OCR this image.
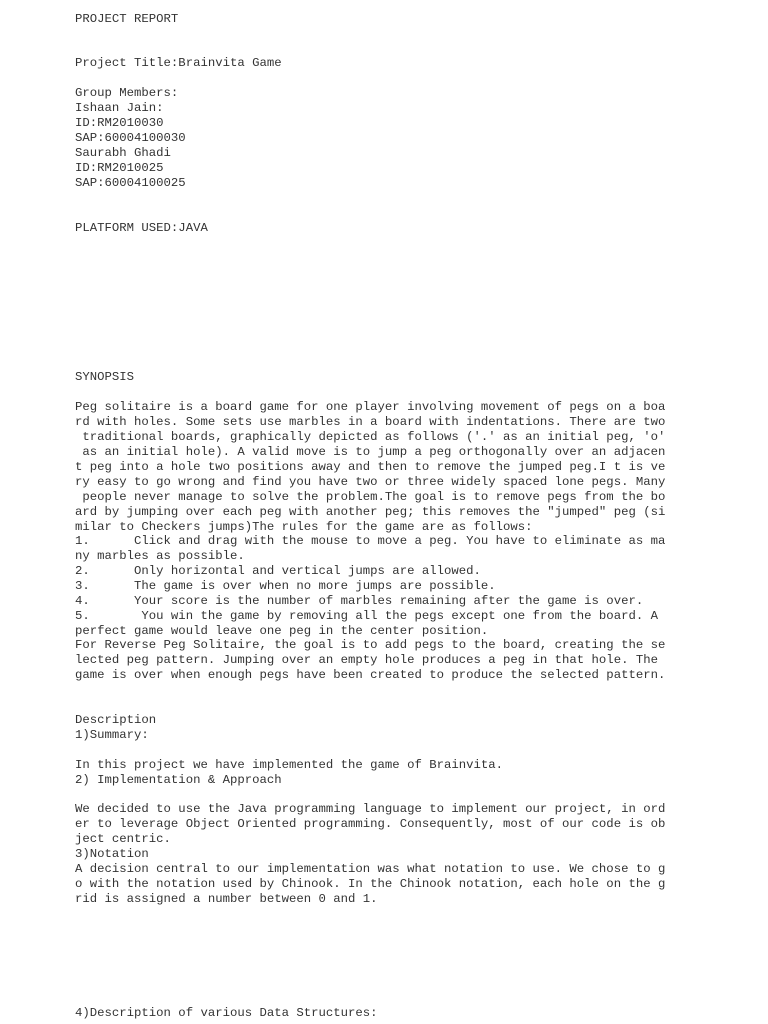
PROJECT REPORT
Project Title:Brainvita Game
Group Members:
Ishaan Jain:
ID:RM2010030
SAP:60004100030
Saurabh Ghadi
ID:RM2010025
SAP:60004100025
PLATFORM USED:JAVA
SYNOPSIS
Peg solitaire is a board game for one player involving movement of pegs on a boa
rd with holes. Some sets use marbles in a board with indentations. There are two
traditional boards, graphically depicted as follows ('.' as an initial peg, 'o'
as an initial hole). A valid move is to jump a peg orthogonally over an adjacen
t peg into a hole two positions away and then to remove the jumped peg.I t is ve
ry easy to go wrong and find you have two or three widely spaced lone pegs. Many
people never manage to solve the problem.The goal is to remove pegs from the bo
ard by jumping over each peg with another peg; this removes the "jumped" peg (si
milar to Checkers jumps)The rules for the game are as follows:
1.      Click and drag with the mouse to move a peg. You have to eliminate as ma
ny marbles as possible.
2.      Only horizontal and vertical jumps are allowed.
3.      The game is over when no more jumps are possible.
4.      Your score is the number of marbles remaining after the game is over.
5.       You win the game by removing all the pegs except one from the board. A
perfect game would leave one peg in the center position.
For Reverse Peg Solitaire, the goal is to add pegs to the board, creating the se
lected peg pattern. Jumping over an empty hole produces a peg in that hole. The
game is over when enough pegs have been created to produce the selected pattern.
Description
1)Summary:
In this project we have implemented the game of Brainvita.
2) Implementation & Approach
We decided to use the Java programming language to implement our project, in ord
er to leverage Object Oriented programming. Consequently, most of our code is ob
ject centric.
3)Notation
A decision central to our implementation was what notation to use. We chose to g
o with the notation used by Chinook. In the Chinook notation, each hole on the g
rid is assigned a number between 0 and 1.
4)Description of various Data Structures:
